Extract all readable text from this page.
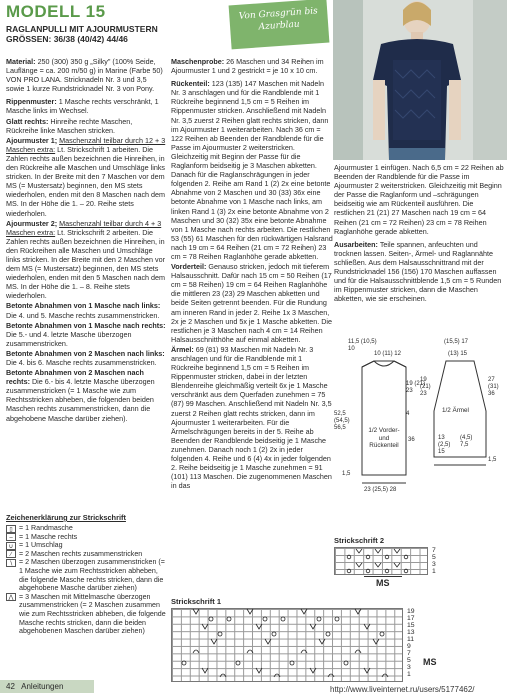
MODELL 15
RAGLANPULLI MIT AJOURMUSTERN
GRÖSSEN: 36/38 (40/42) 44/46
Von Grasgrün bis Azurblau

Material: 250 (300) 350 g „Silky" (100% Seide, Lauflänge = ca. 200 m/50 g) in Marine (Farbe 50) VON PRO LANA. Stricknadeln Nr. 3 und 3,5 sowie 1 kurze Rundstricknadel Nr. 3 von Pony.

Rippenmuster: 1 Masche rechts verschränkt, 1 Masche links im Wechsel.

Glatt rechts: Hinreihe rechte Maschen, Rückreihe linke Maschen stricken.

Ajourmuster 1; Maschenzahl teilbar durch 12 + 3 Maschen extra: Lt. Strickschrift 1 arbeiten. Die Zahlen rechts außen bezeichnen die Hinreihen, in den Rückreihe alle Maschen und Umschläge links stricken. In der Breite mit den 7 Maschen vor dem MS (= Mustersatz) beginnen, den MS stets wiederholen, enden mit den 8 Maschen nach dem MS. In der Höhe die 1. – 20. Reihe stets wiederholen.

Ajourmuster 2; Maschenzahl teilbar durch 4 + 3 Maschen extra: Lt. Strickschrift 2 arbeiten. Die Zahlen rechts außen bezeichnen die Hinreihen, in den Rückreihen alle Maschen und Umschläge links stricken. In der Breite mit den 2 Maschen vor dem MS (= Mustersatz) beginnen, den MS stets wiederholen, enden mit den 5 Maschen nach dem MS. In der Höhe die 1. – 8. Reihe stets wiederholen.

Betonte Abnahmen von 1 Masche nach links: Die 4. und 5. Masche rechts zusammenstricken.

Betonte Abnahmen von 1 Masche nach rechts: Die 5.- und 4. letzte Masche überzogen zusammenstricken.

Betonte Abnahmen von 2 Maschen nach links: Die 4. bis 6. Masche rechts zusammenstricken.

Betonte Abnahmen von 2 Maschen nach rechts: Die 6.- bis 4. letzte Masche überzogen zusammenstricken (= 1 Masche wie zum Rechtsstricken abheben, die folgenden beiden Maschen rechts zusammenstricken, dann die abgehobene Masche darüber ziehen).

Zeichenerklärung zur Strickschrift
▯ = 1 Randmasche
– = 1 Masche rechts
∪ = 1 Umschlag
∕	= 2 Maschen rechts zusammenstricken
∖ = 2 Maschen überzogen zusammenstricken (= 1 Masche wie zum Rechtsstricken abheben, die folgende Masche rechts stricken, dann die abgehobene Masche darüber ziehen)
⋀ = 3 Maschen mit Mittelmasche überzogen zusammenstricken (= 2 Maschen zusammen wie zum Rechtsstricken abheben, die folgende Masche rechts stricken, dann die beiden abgehobenen Maschen darüber ziehen)

Maschenprobe: 26 Maschen und 34 Reihen im Ajourmuster 1 und 2 gestrickt = je 10 x 10 cm.

Rückenteil: 123 (135) 147 Maschen mit Nadeln Nr. 3 anschlagen und für die Randblende mit 1 Rückreihe beginnend 1,5 cm = 5 Reihen im Rippenmuster stricken. Anschließend mit Nadeln Nr. 3,5 zuerst 2 Reihen glatt rechts stricken, dann im Ajourmuster 1 weiterarbeiten. Nach 36 cm = 122 Reihen ab Beenden der Randblende für die Passe im Ajourmuster 2 weiterstricken. Gleichzeitig mit Beginn der Passe für die Raglanform beidseitig je 3 Maschen abketten. Danach für die Raglanschrägungen in jeder folgenden 2. Reihe am Rand 1 (2) 2x eine betonte Abnahme von 2 Maschen und 30 (33) 36x eine betonte Abnahme von 1 Masche nach links, am linken Rand 1 (3) 2x eine betonte Abnahme von 2 Maschen und 30 (32) 35x eine betonte Abnahme von 1 Masche nach rechts arbeiten. Die restlichen 53 (55) 61 Maschen für den rückwärtigen Halsrand nach 19 cm = 64 Reihen (21 cm = 72 Reihen) 23 cm = 78 Reihen Raglanhöhe gerade abketten.

Vorderteil: Genauso stricken, jedoch mit tieferem Halsausschnitt. Dafür nach 15 cm = 50 Reihen (17 cm = 58 Reihen) 19 cm = 64 Reihen Raglanhöhe die mittleren 23 (23) 29 Maschen abketten und beide Seiten getrennt beenden. Für die Rundung am inneren Rand in jeder 2. Reihe 1x 3 Maschen, 2x je 2 Maschen und 5x je 1 Masche abketten. Die restlichen je 3 Maschen nach 4 cm = 14 Reihen Halsausschnitthöhe auf einmal abketten.

Ärmel: 69 (81) 93 Maschen mit Nadeln Nr. 3 anschlagen und für die Randblende mit 1 Rückreihe beginnend 1,5 cm = 5 Reihen im Rippenmuster stricken, dabei in der letzten Blendenreihe gleichmäßig verteilt 6x je 1 Masche verschränkt aus dem Querfaden zunehmen = 75 (87) 99 Maschen. Anschließend mit Nadeln Nr. 3,5 zuerst 2 Reihen glatt rechts stricken, dann im Ajourmuster 1 weiterarbeiten. Für die Ärmelschrägungen bereits in der 5. Reihe ab Beenden der Randblende beidseitig je 1 Masche zunehmen. Danach noch 1 (2) 2x in jeder folgenden 4. Reihe und 6 (4) 4x in jeder folgenden 2. Reihe beidseitig je 1 Masche zunehmen = 91 (101) 113 Maschen. Die zugenommenen Maschen in das

Ajourmuster 1 einfügen. Nach 6,5 cm = 22 Reihen ab Beenden der Randblende für die Passe im Ajourmuster 2 weiterstricken. Gleichzeitig mit Beginn der Passe die Raglanform und –schrägungen beidseitig wie am Rückenteil ausführen. Die restlichen 21 (21) 27 Maschen nach 19 cm = 64 Reihen (21 cm = 72 Reihen) 23 cm = 78 Reihen Raglanhöhe gerade abketten.

Ausarbeiten: Teile spannen, anfeuchten und trocknen lassen. Seiten-, Ärmel- und Raglannähte schließen. Aus dem Halsausschnittrand mit der Rundstricknadel 156 (156) 170 Maschen auffassen und für die Halsausschnittblende 1,5 cm = 5 Runden im Rippenmuster stricken, dann die Maschen abketten, wie sie erscheinen.

1/2 Vorder- und Rückenteil
1/2 Ärmel
11,5 (10,5) 10
10 (11) 12
19 (21) 23
4
52,5 (54,5) 56,5
36
23 (25,5) 28
1,5
(15,5) 17
(13) 15
19 (21) 23
27 (31) 36
13 (2,5) 15
(4,5) 7,5
1,5
Strickschrift 2
7
5
3
1
MS
Strickschrift 1
19
17
15
13
11
9
7
5
3
1
MS
42 Anleitungen	http://www.liveinternet.ru/users/5177462/
